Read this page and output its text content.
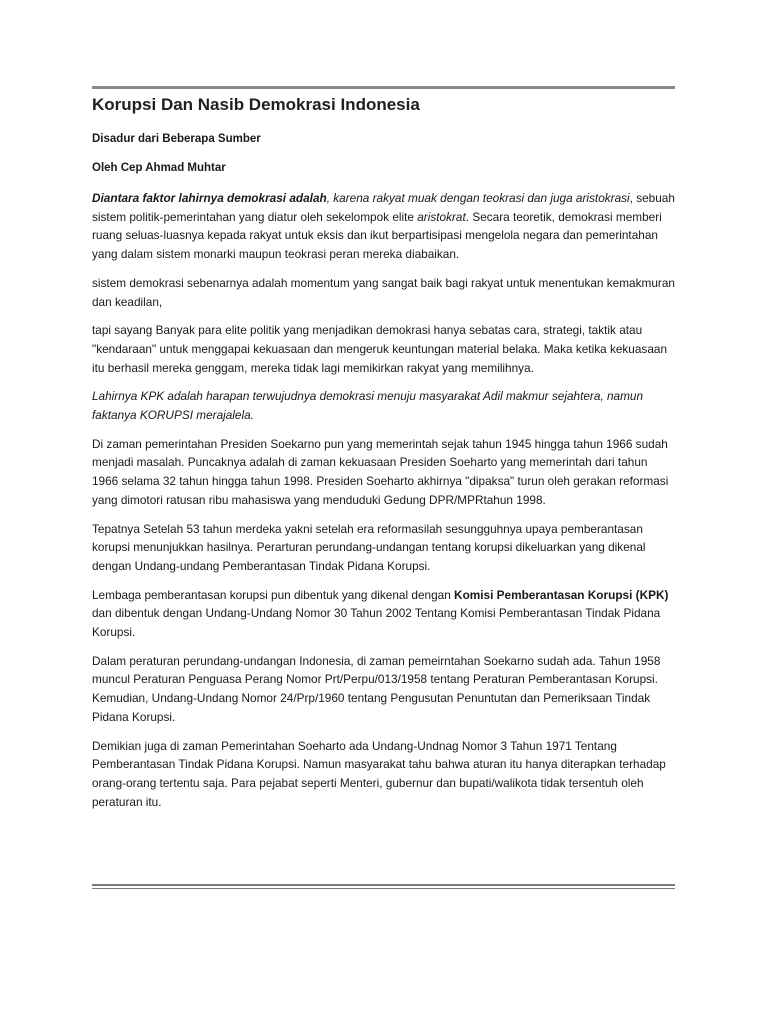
Korupsi Dan Nasib Demokrasi Indonesia

Disadur dari Beberapa Sumber

Oleh Cep Ahmad Muhtar

Diantara faktor lahirnya demokrasi adalah, karena rakyat muak dengan teokrasi dan juga aristokrasi, sebuah sistem politik-pemerintahan yang diatur oleh sekelompok elite aristokrat. Secara teoretik, demokrasi memberi ruang seluas-luasnya kepada rakyat untuk eksis dan ikut berpartisipasi mengelola negara dan pemerintahan yang dalam sistem monarki maupun teokrasi peran mereka diabaikan.

sistem demokrasi sebenarnya adalah momentum yang sangat baik bagi rakyat untuk menentukan kemakmuran dan keadilan,

tapi sayang Banyak para elite politik yang menjadikan demokrasi hanya sebatas cara, strategi, taktik atau "kendaraan" untuk menggapai kekuasaan dan mengeruk keuntungan material belaka. Maka ketika kekuasaan itu berhasil mereka genggam, mereka tidak lagi memikirkan rakyat yang memilihnya.

Lahirnya KPK adalah harapan terwujudnya demokrasi menuju masyarakat Adil makmur sejahtera, namun faktanya KORUPSI merajalela.

Di zaman pemerintahan Presiden Soekarno pun yang memerintah sejak tahun 1945 hingga tahun 1966 sudah menjadi masalah. Puncaknya adalah di zaman kekuasaan Presiden Soeharto yang memerintah dari tahun 1966 selama 32 tahun hingga tahun 1998. Presiden Soeharto akhirnya "dipaksa" turun oleh gerakan reformasi yang dimotori ratusan ribu mahasiswa yang menduduki Gedung DPR/MPRtahun 1998.

Tepatnya Setelah 53 tahun merdeka yakni setelah era reformasilah sesungguhnya upaya pemberantasan korupsi menunjukkan hasilnya. Perarturan perundang-undangan tentang korupsi dikeluarkan yang dikenal dengan Undang-undang Pemberantasan Tindak Pidana Korupsi.

Lembaga pemberantasan korupsi pun dibentuk yang dikenal dengan Komisi Pemberantasan Korupsi (KPK) dan dibentuk dengan Undang-Undang Nomor 30 Tahun 2002 Tentang Komisi Pemberantasan Tindak Pidana Korupsi.

Dalam peraturan perundang-undangan Indonesia, di zaman pemeirntahan Soekarno sudah ada. Tahun 1958 muncul Peraturan Penguasa Perang Nomor Prt/Perpu/013/1958 tentang Peraturan Pemberantasan Korupsi. Kemudian, Undang-Undang Nomor 24/Prp/1960 tentang Pengusutan Penuntutan dan Pemeriksaan Tindak Pidana Korupsi.

Demikian juga di zaman Pemerintahan Soeharto ada Undang-Undnag Nomor 3 Tahun 1971 Tentang Pemberantasan Tindak Pidana Korupsi. Namun masyarakat tahu bahwa aturan itu hanya diterapkan terhadap orang-orang tertentu saja. Para pejabat seperti Menteri, gubernur dan bupati/walikota tidak tersentuh oleh peraturan itu.
